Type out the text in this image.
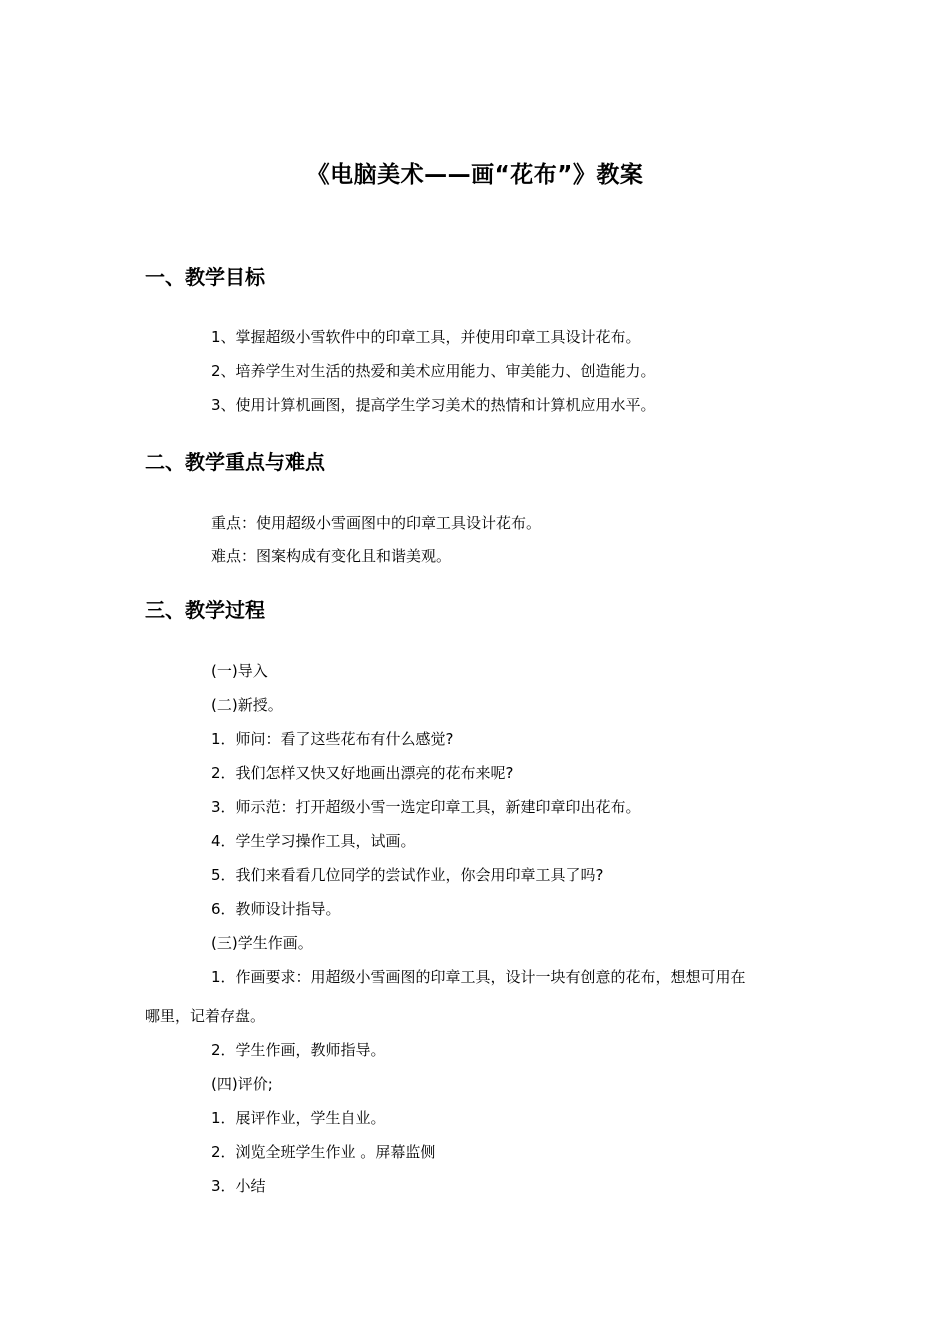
《电脑美术——画“花布”》教案
一、教学目标
1、掌握超级小雪软件中的印章工具，并使用印章工具设计花布。
2、培养学生对生活的热爱和美术应用能力、审美能力、创造能力。
3、使用计算机画图，提高学生学习美术的热情和计算机应用水平。
二、教学重点与难点
重点：使用超级小雪画图中的印章工具设计花布。
难点：图案构成有变化且和谐美观。
三、教学过程
(一)导入
(二)新授。
1．师问：看了这些花布有什么感觉?
2．我们怎样又快又好地画出漂亮的花布来呢?
3．师示范：打开超级小雪一选定印章工具，新建印章印出花布。
4．学生学习操作工具，试画。
5．我们来看看几位同学的尝试作业，你会用印章工具了吗?
6．教师设计指导。
(三)学生作画。
1．作画要求：用超级小雪画图的印章工具，设计一块有创意的花布，想想可用在
哪里，记着存盘。
2．学生作画，教师指导。
(四)评价;
1．展评作业，学生自业。
2．浏览全班学生作业 。屏幕监侧
3．小结
